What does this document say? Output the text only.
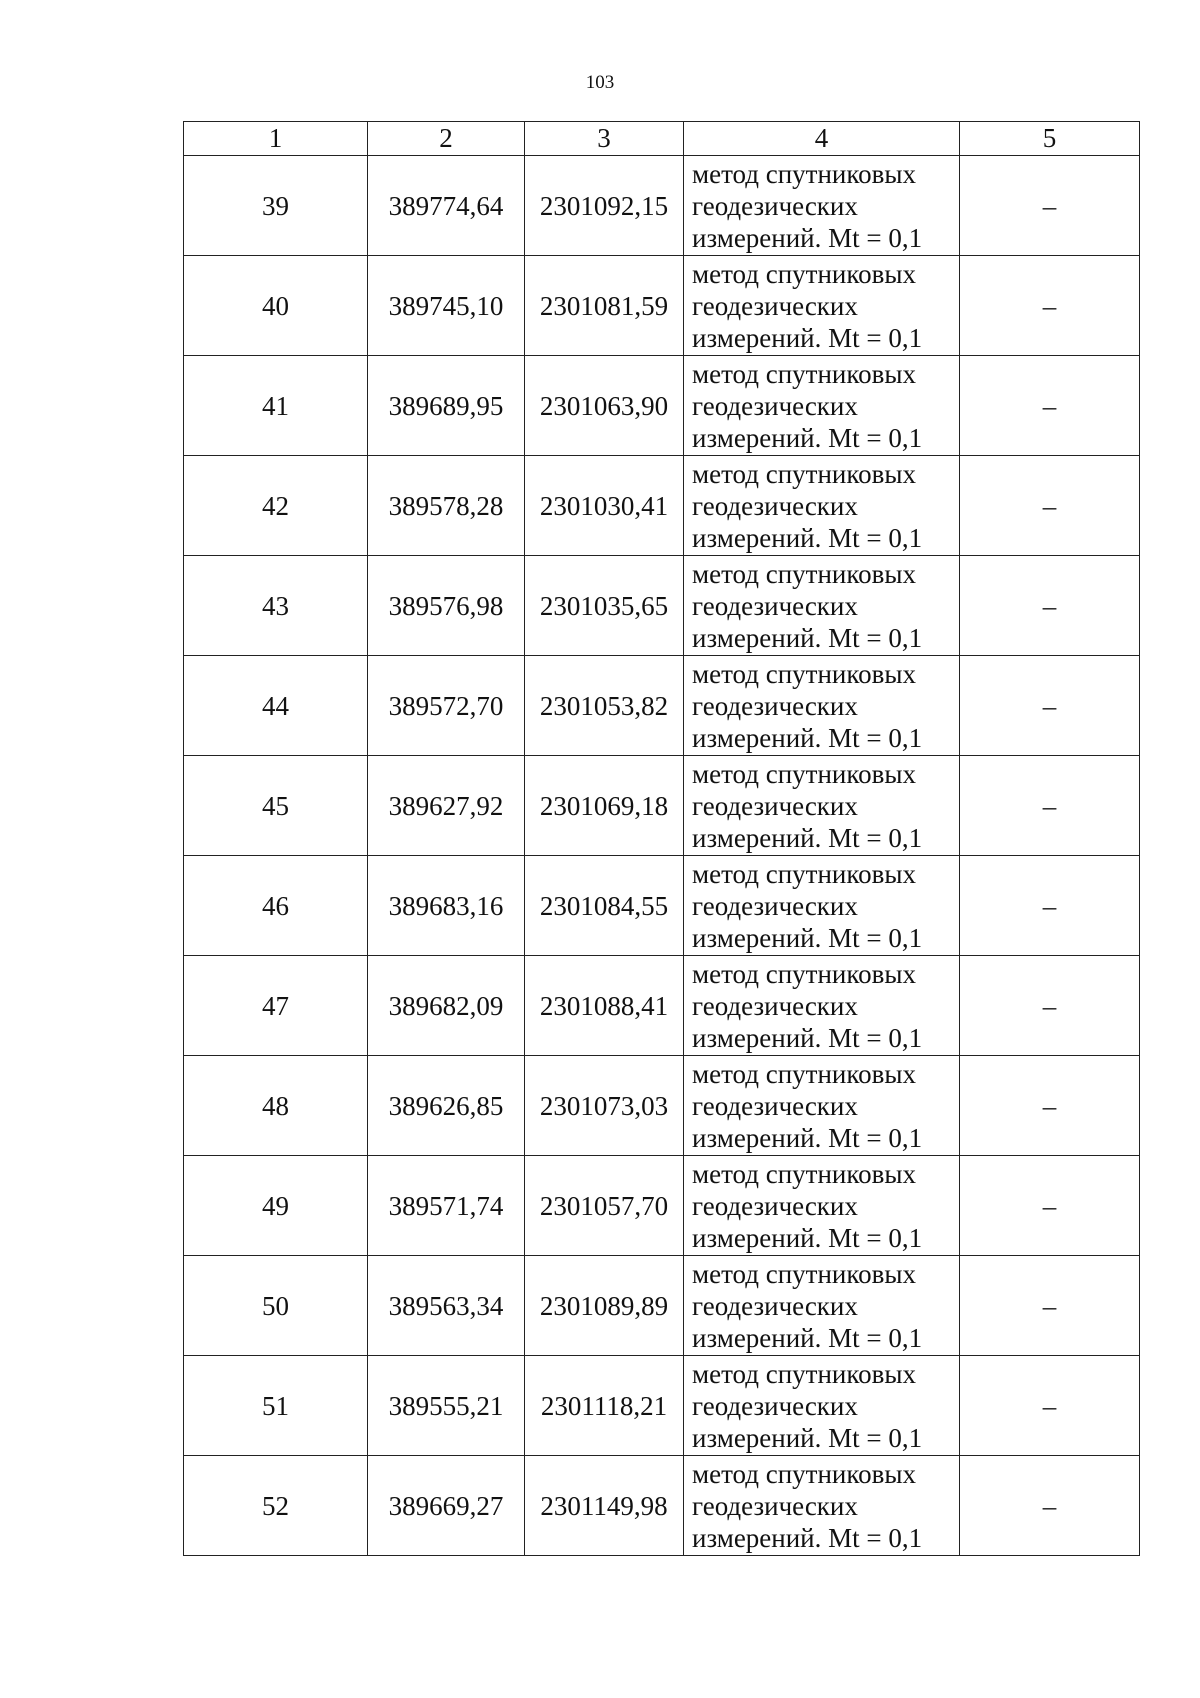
103
1	2	3	4	5
39	389774,64	2301092,15	метод спутниковых
геодезических
измерений. Mt = 0,1	–
40	389745,10	2301081,59	метод спутниковых
геодезических
измерений. Mt = 0,1	–
41	389689,95	2301063,90	метод спутниковых
геодезических
измерений. Mt = 0,1	–
42	389578,28	2301030,41	метод спутниковых
геодезических
измерений. Mt = 0,1	–
43	389576,98	2301035,65	метод спутниковых
геодезических
измерений. Mt = 0,1	–
44	389572,70	2301053,82	метод спутниковых
геодезических
измерений. Mt = 0,1	–
45	389627,92	2301069,18	метод спутниковых
геодезических
измерений. Mt = 0,1	–
46	389683,16	2301084,55	метод спутниковых
геодезических
измерений. Mt = 0,1	–
47	389682,09	2301088,41	метод спутниковых
геодезических
измерений. Mt = 0,1	–
48	389626,85	2301073,03	метод спутниковых
геодезических
измерений. Mt = 0,1	–
49	389571,74	2301057,70	метод спутниковых
геодезических
измерений. Mt = 0,1	–
50	389563,34	2301089,89	метод спутниковых
геодезических
измерений. Mt = 0,1	–
51	389555,21	2301118,21	метод спутниковых
геодезических
измерений. Mt = 0,1	–
52	389669,27	2301149,98	метод спутниковых
геодезических
измерений. Mt = 0,1	–
